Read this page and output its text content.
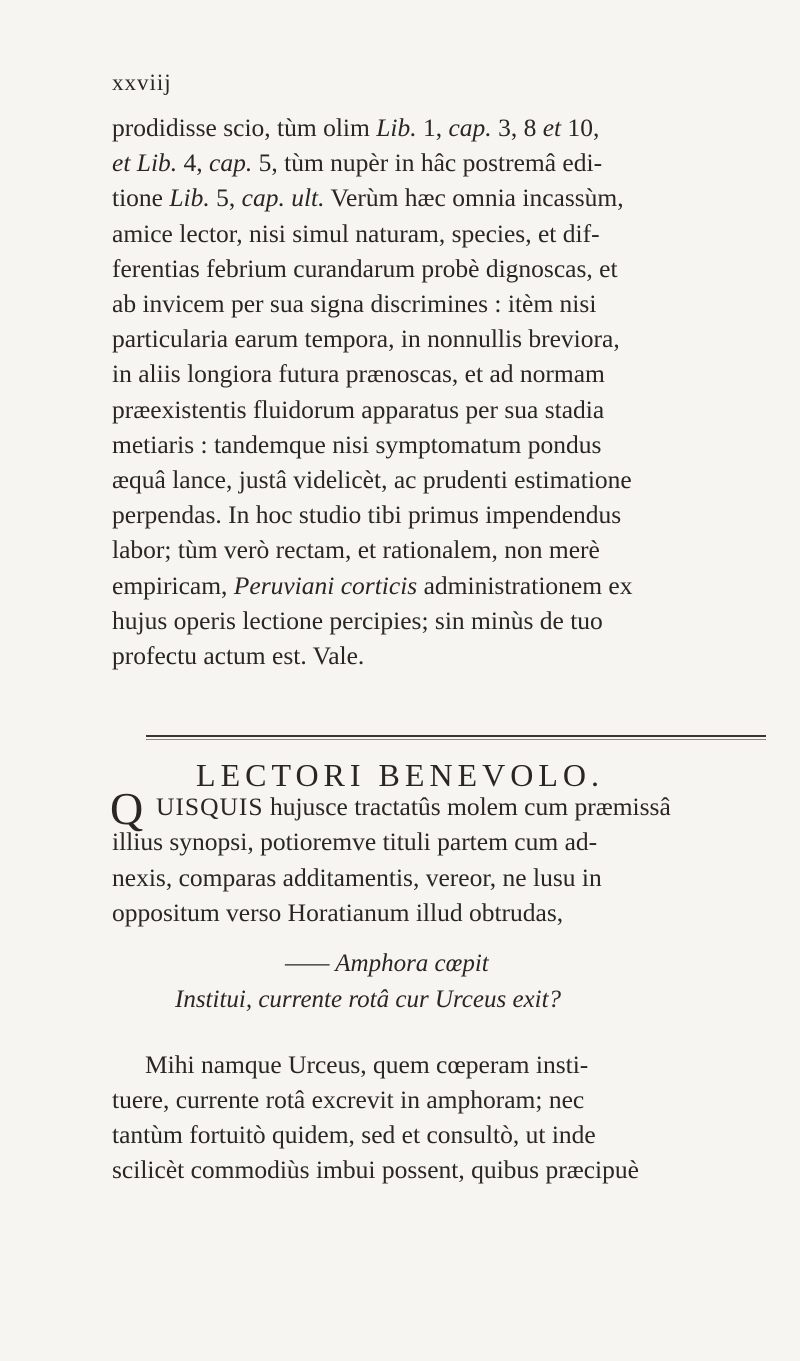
xxviij
prodidisse scio, tùm olim Lib. 1, cap. 3, 8 et 10,
et Lib. 4, cap. 5, tùm nupèr in hâc postremâ edi-
tione Lib. 5, cap. ult. Verùm hæc omnia incassùm,
amice lector, nisi simul naturam, species, et dif-
ferentias febrium curandarum probè dignoscas, et
ab invicem per sua signa discrimines : itèm nisi
particularia earum tempora, in nonnullis breviora,
in aliis longiora futura prænoscas, et ad normam
præexistentis fluidorum apparatus per sua stadia
metiaris : tandemque nisi symptomatum pondus
æquâ lance, justâ videlicèt, ac prudenti estimatione
perpendas. In hoc studio tibi primus impendendus
labor; tùm verò rectam, et rationalem, non merè
empiricam, Peruviani corticis administrationem ex
hujus operis lectione percipies; sin minùs de tuo
profectu actum est. Vale.
LECTORI BENEVOLO.
Q UISQUIS hujusce tractatûs molem cum præmissâ
illius synopsi, potioremve tituli partem cum ad-
nexis, comparas additamentis, vereor, ne lusu in
oppositum verso Horatianum illud obtrudas,
—— Amphora cœpit
Institui, currente rotâ cur Urceus exit?
Mihi namque Urceus, quem cœperam insti-
tuere, currente rotâ excrevit in amphoram; nec
tantùm fortuitò quidem, sed et consultò, ut inde
scilicèt commodiùs imbui possent, quibus præcipuè
